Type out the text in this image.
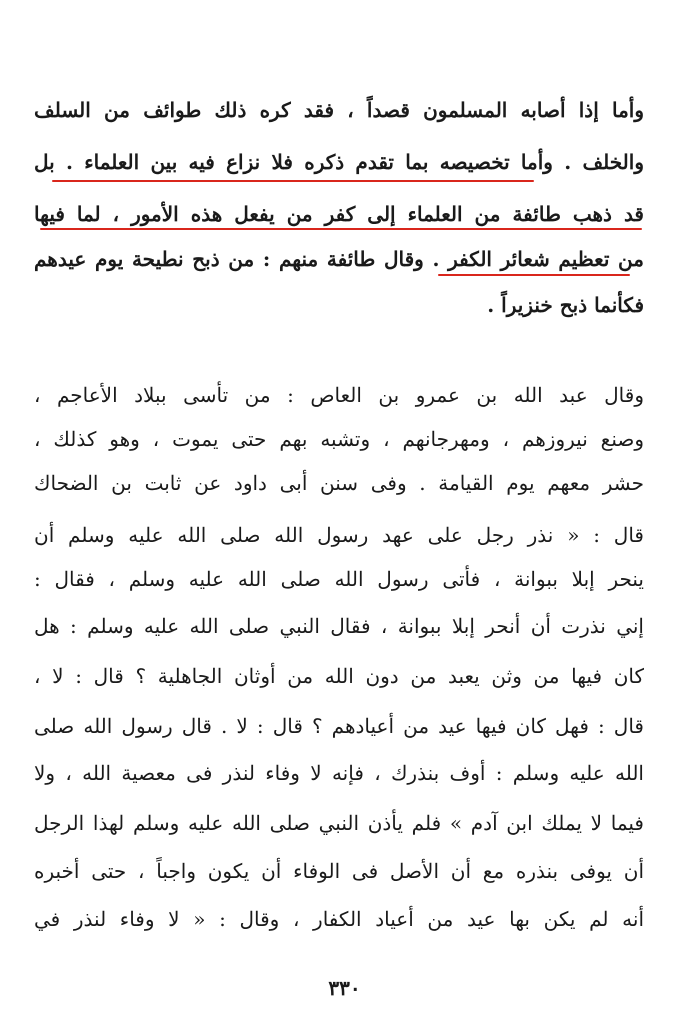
وأما إذا أصابه المسلمون قصداً ، فقد كره ذلك طوائف من السلف
والخلف . وأما تخصيصه بما تقدم ذكره فلا نزاع فيه بين العلماء . بل
قد ذهب طائفة من العلماء إلى كفر من يفعل هذه الأمور ، لما فيها
من تعظيم شعائر الكفر . وقال طائفة منهم : من ذبح نطيحة يوم عيدهم
فكأنما ذبح خنزيراً .
وقال عبد الله بن عمرو بن العاص : من تأسى ببلاد الأعاجم ،
وصنع نيروزهم ، ومهرجانهم ، وتشبه بهم حتى يموت ، وهو كذلك ،
حشر معهم يوم القيامة . وفى سنن أبى داود عن ثابت بن الضحاك
قال : « نذر رجل على عهد رسول الله صلى الله عليه وسلم أن
ينحر إبلا ببوانة ، فأتى رسول الله صلى الله عليه وسلم ، فقال :
إني نذرت أن أنحر إبلا ببوانة ، فقال النبي صلى الله عليه وسلم : هل
كان فيها من وثن يعبد من دون الله من أوثان الجاهلية ؟ قال : لا ،
قال : فهل كان فيها عيد من أعيادهم ؟ قال : لا . قال رسول الله صلى
الله عليه وسلم : أوف بنذرك ، فإنه لا وفاء لنذر فى معصية الله ، ولا
فيما لا يملك ابن آدم » فلم يأذن النبي صلى الله عليه وسلم لهذا الرجل
أن يوفى بنذره مع أن الأصل فى الوفاء أن يكون واجباً ، حتى أخبره
أنه لم يكن بها عيد من أعياد الكفار ، وقال : « لا وفاء لنذر في
٣٣٠
